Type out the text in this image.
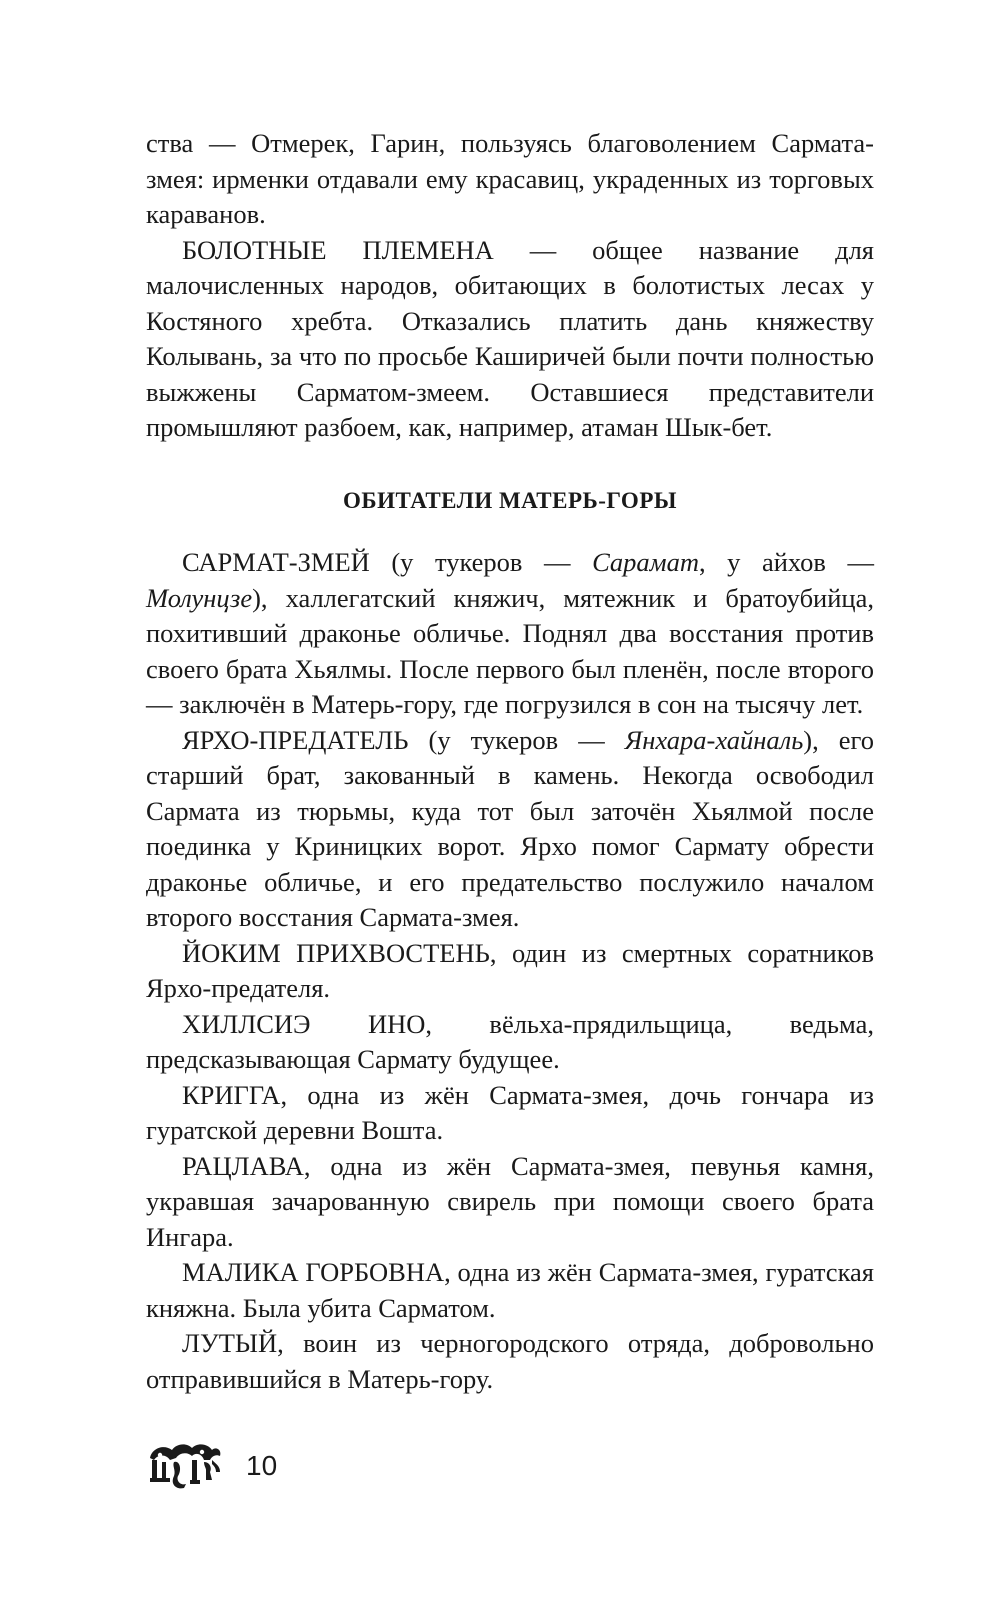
ства — Отмерек, Гарин, пользуясь благоволением Сармата-змея: ирменки отдавали ему красавиц, украденных из торговых караванов.

БОЛОТНЫЕ ПЛЕМЕНА — общее название для малочисленных народов, обитающих в болотистых лесах у Костяного хребта. Отказались платить дань княжеству Колывань, за что по просьбе Каширичей были почти полностью выжжены Сарматом-змеем. Оставшиеся представители промышляют разбоем, как, например, атаман Шык-бет.

ОБИТАТЕЛИ МАТЕРЬ-ГОРЫ

САРМАТ-ЗМЕЙ (у тукеров — Сарамат, у айхов — Молунцзе), халлегатский княжич, мятежник и братоубийца, похитивший драконье обличье. Поднял два восстания против своего брата Хьялмы. После первого был пленён, после второго — заключён в Матерь-гору, где погрузился в сон на тысячу лет.

ЯРХО-ПРЕДАТЕЛЬ (у тукеров — Янхара-хайналь), его старший брат, закованный в камень. Некогда освободил Сармата из тюрьмы, куда тот был заточён Хьялмой после поединка у Криницких ворот. Ярхо помог Сармату обрести драконье обличье, и его предательство послужило началом второго восстания Сармата-змея.

ЙОКИМ ПРИХВОСТЕНЬ, один из смертных соратников Ярхо-предателя.

ХИЛЛСИЭ ИНО, вёльха-прядильщица, ведьма, предсказывающая Сармату будущее.

КРИГГА, одна из жён Сармата-змея, дочь гончара из гуратской деревни Вошта.

РАЦЛАВА, одна из жён Сармата-змея, певунья камня, укравшая зачарованную свирель при помощи своего брата Ингара.

МАЛИКА ГОРБОВНА, одна из жён Сармата-змея, гуратская княжна. Была убита Сарматом.

ЛУТЫЙ, воин из черногородского отряда, добровольно отправившийся в Матерь-гору.

10
